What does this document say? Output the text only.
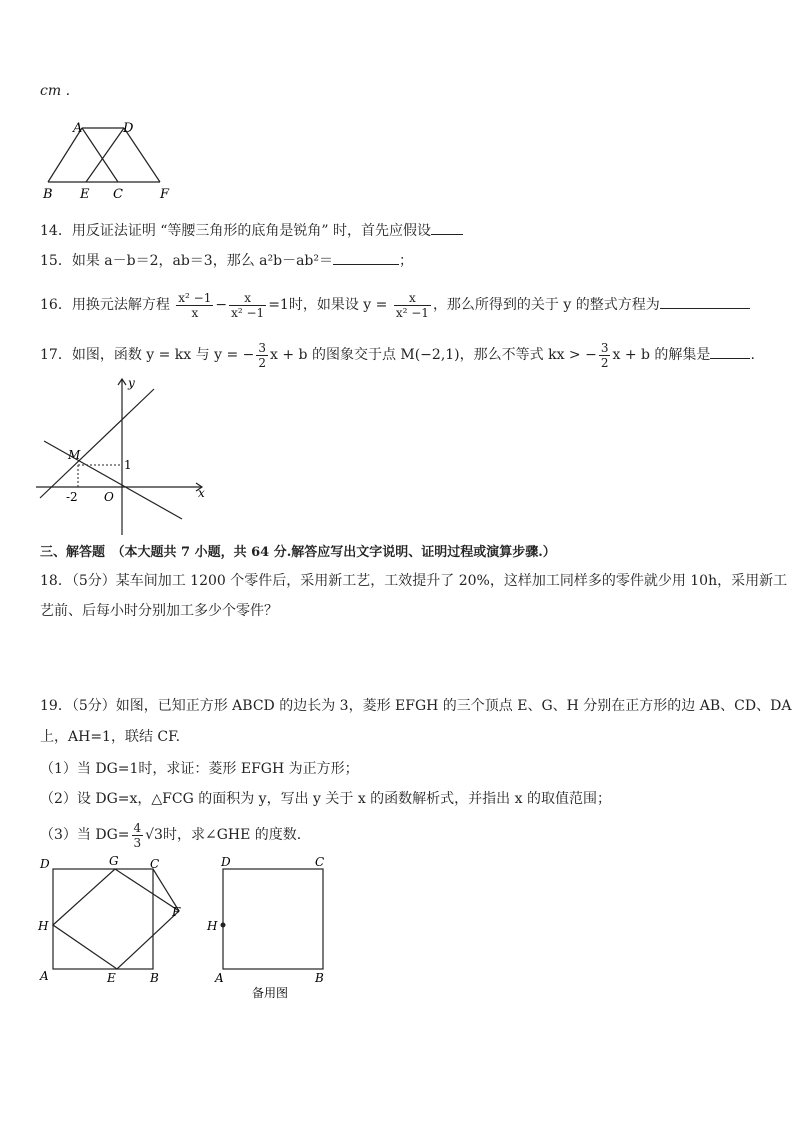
cm .
A	D
B E C	F
14．用反证法证明 “等腰三角形的底角是锐角” 时，首先应假设
15．如果 a－b＝2，ab＝3，那么 a²b－ab²＝	；
16．用换元法解方程 $\frac{\text{x² −1}}{x} - \frac{x}{\text{x² −1}} =1$时，如果设 $y = \frac{x}{\text{x² −1}}$ ，那么所得到的关于 y 的整式方程为
17．如图，函数 y = kx 与 y = − $\frac{3}{2}$ x + b 的图象交于点 M(−2,1)，那么不等式 kx > − $\frac{3}{2}$ x + b 的解集是	.
y
M
1
-2 O	x
三、解答题　（本大题共 7 小题，共 64 分.解答应写出文字说明、证明过程或演算步骤.）
18．（5分）某车间加工 1200 个零件后，采用新工艺，工效提升了 20%，这样加工同样多的零件就少用 10h，采用新工
艺前、后每小时分别加工多少个零件？
19．（5分）如图，已知正方形 ABCD 的边长为 3，菱形 EFGH 的三个顶点 E、G、H 分别在正方形的边 AB、CD、DA
上，AH=1，联结 CF.
（1）当 DG=1时，求证：菱形 EFGH 为正方形；
（2）设 DG=x，△FCG 的面积为 y，写出 y 关于 x 的函数解析式，并指出 x 的取值范围；
（3）当 $DG= \frac{4}{3} √3$时，求∠GHE 的度数.
D	G	C
F
H
A	E	B
D	C
H
A	B
备用图
